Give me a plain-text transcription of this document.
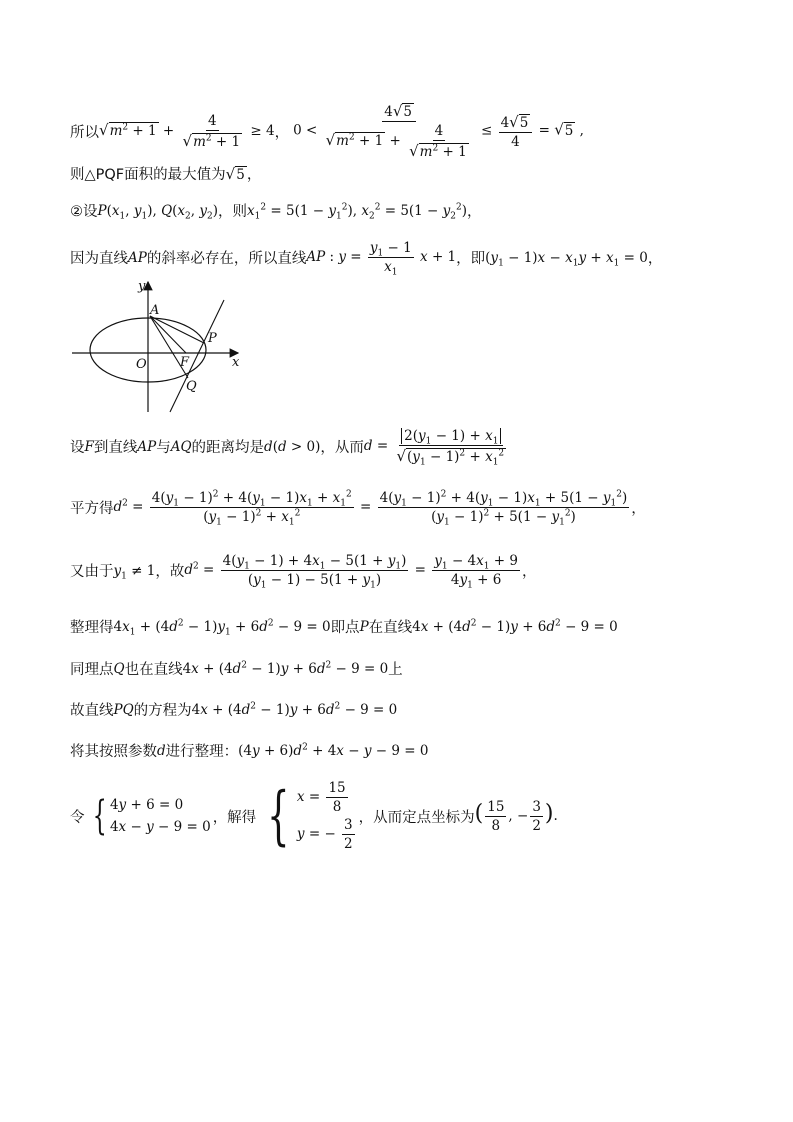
所以 $√m^2 + 1 + \frac{4}{√m^2 + 1} \ge 4$ ， $0 < \frac{4√5}{√m^2 + 1 + \frac{4}{√m^2 + 1}} \le \frac{4√5}{4} = √5$ ,
则△PQF面积的最大值为 √5 ，
②设 $P(x_1$, $y_1$), $Q(x_2$, $y_2$) ，则 $x_1^2 = 5(1 - y_1^2)$, $x_2^2 = 5(1 - y_2^2)$ ，
因为直线 AP 的斜率必存在，所以直线 AP : $y = \frac{y_1 - 1}{x_1}$ x + 1 ，即 $(y_1 - 1)x - x_1y + x_1 = 0$ ，
y
x
A
P
O	F
Q
设 F 到直线 AP 与 AQ 的距离均是 d(d > 0) ，从而 $d = \frac{2(y_1 - 1) + x_1}{√(y_1 - 1)^2 + x_1^2}$
平方得 $d^2 = \frac{4(y_1 - 1)^2 + 4(y_1 - 1)x_1 + x_1^2}{(y_1 - 1)^2 + x_1^2} = \frac{4(y_1 - 1)^2 + 4(y_1 - 1)x_1 + 5(1 - y_1^2)}{(y_1 - 1)^2 + 5(1 - y_1^2)}$ ，
又由于 $y_1 \ne 1$ ，故 $d^2 = \frac{4(y_1 - 1) + 4x_1 - 5(1 + y_1)}{(y_1 - 1) - 5(1 + y_1)} = \frac{y_1 - 4x_1 + 9}{4y_1 + 6}$ ，
整理得 $4x_1 + (4d^2 - 1)y_1 + 6d^2 - 9 = 0$ 即点 P 在直线 $4x + (4d^2 - 1)y + 6d^2 - 9 = 0$
同理点 Q 也在直线 $4x + (4d^2 - 1)y + 6d^2 - 9 = 0$ 上
故直线 PQ 的方程为 $4x + (4d^2 - 1)y + 6d^2 - 9 = 0$
将其按照参数 d 进行整理： $(4y + 6)d^2 + 4x - y - 9 = 0$
令 { 4y + 6 = 0
4x − y − 9 = 0
，解得 { $x = \frac{15}{8}$
y = − $\frac{3}{2}$ ，从而定点坐标为 ( $\frac{15}{8}$ , − $\frac{3}{2}$ ).
